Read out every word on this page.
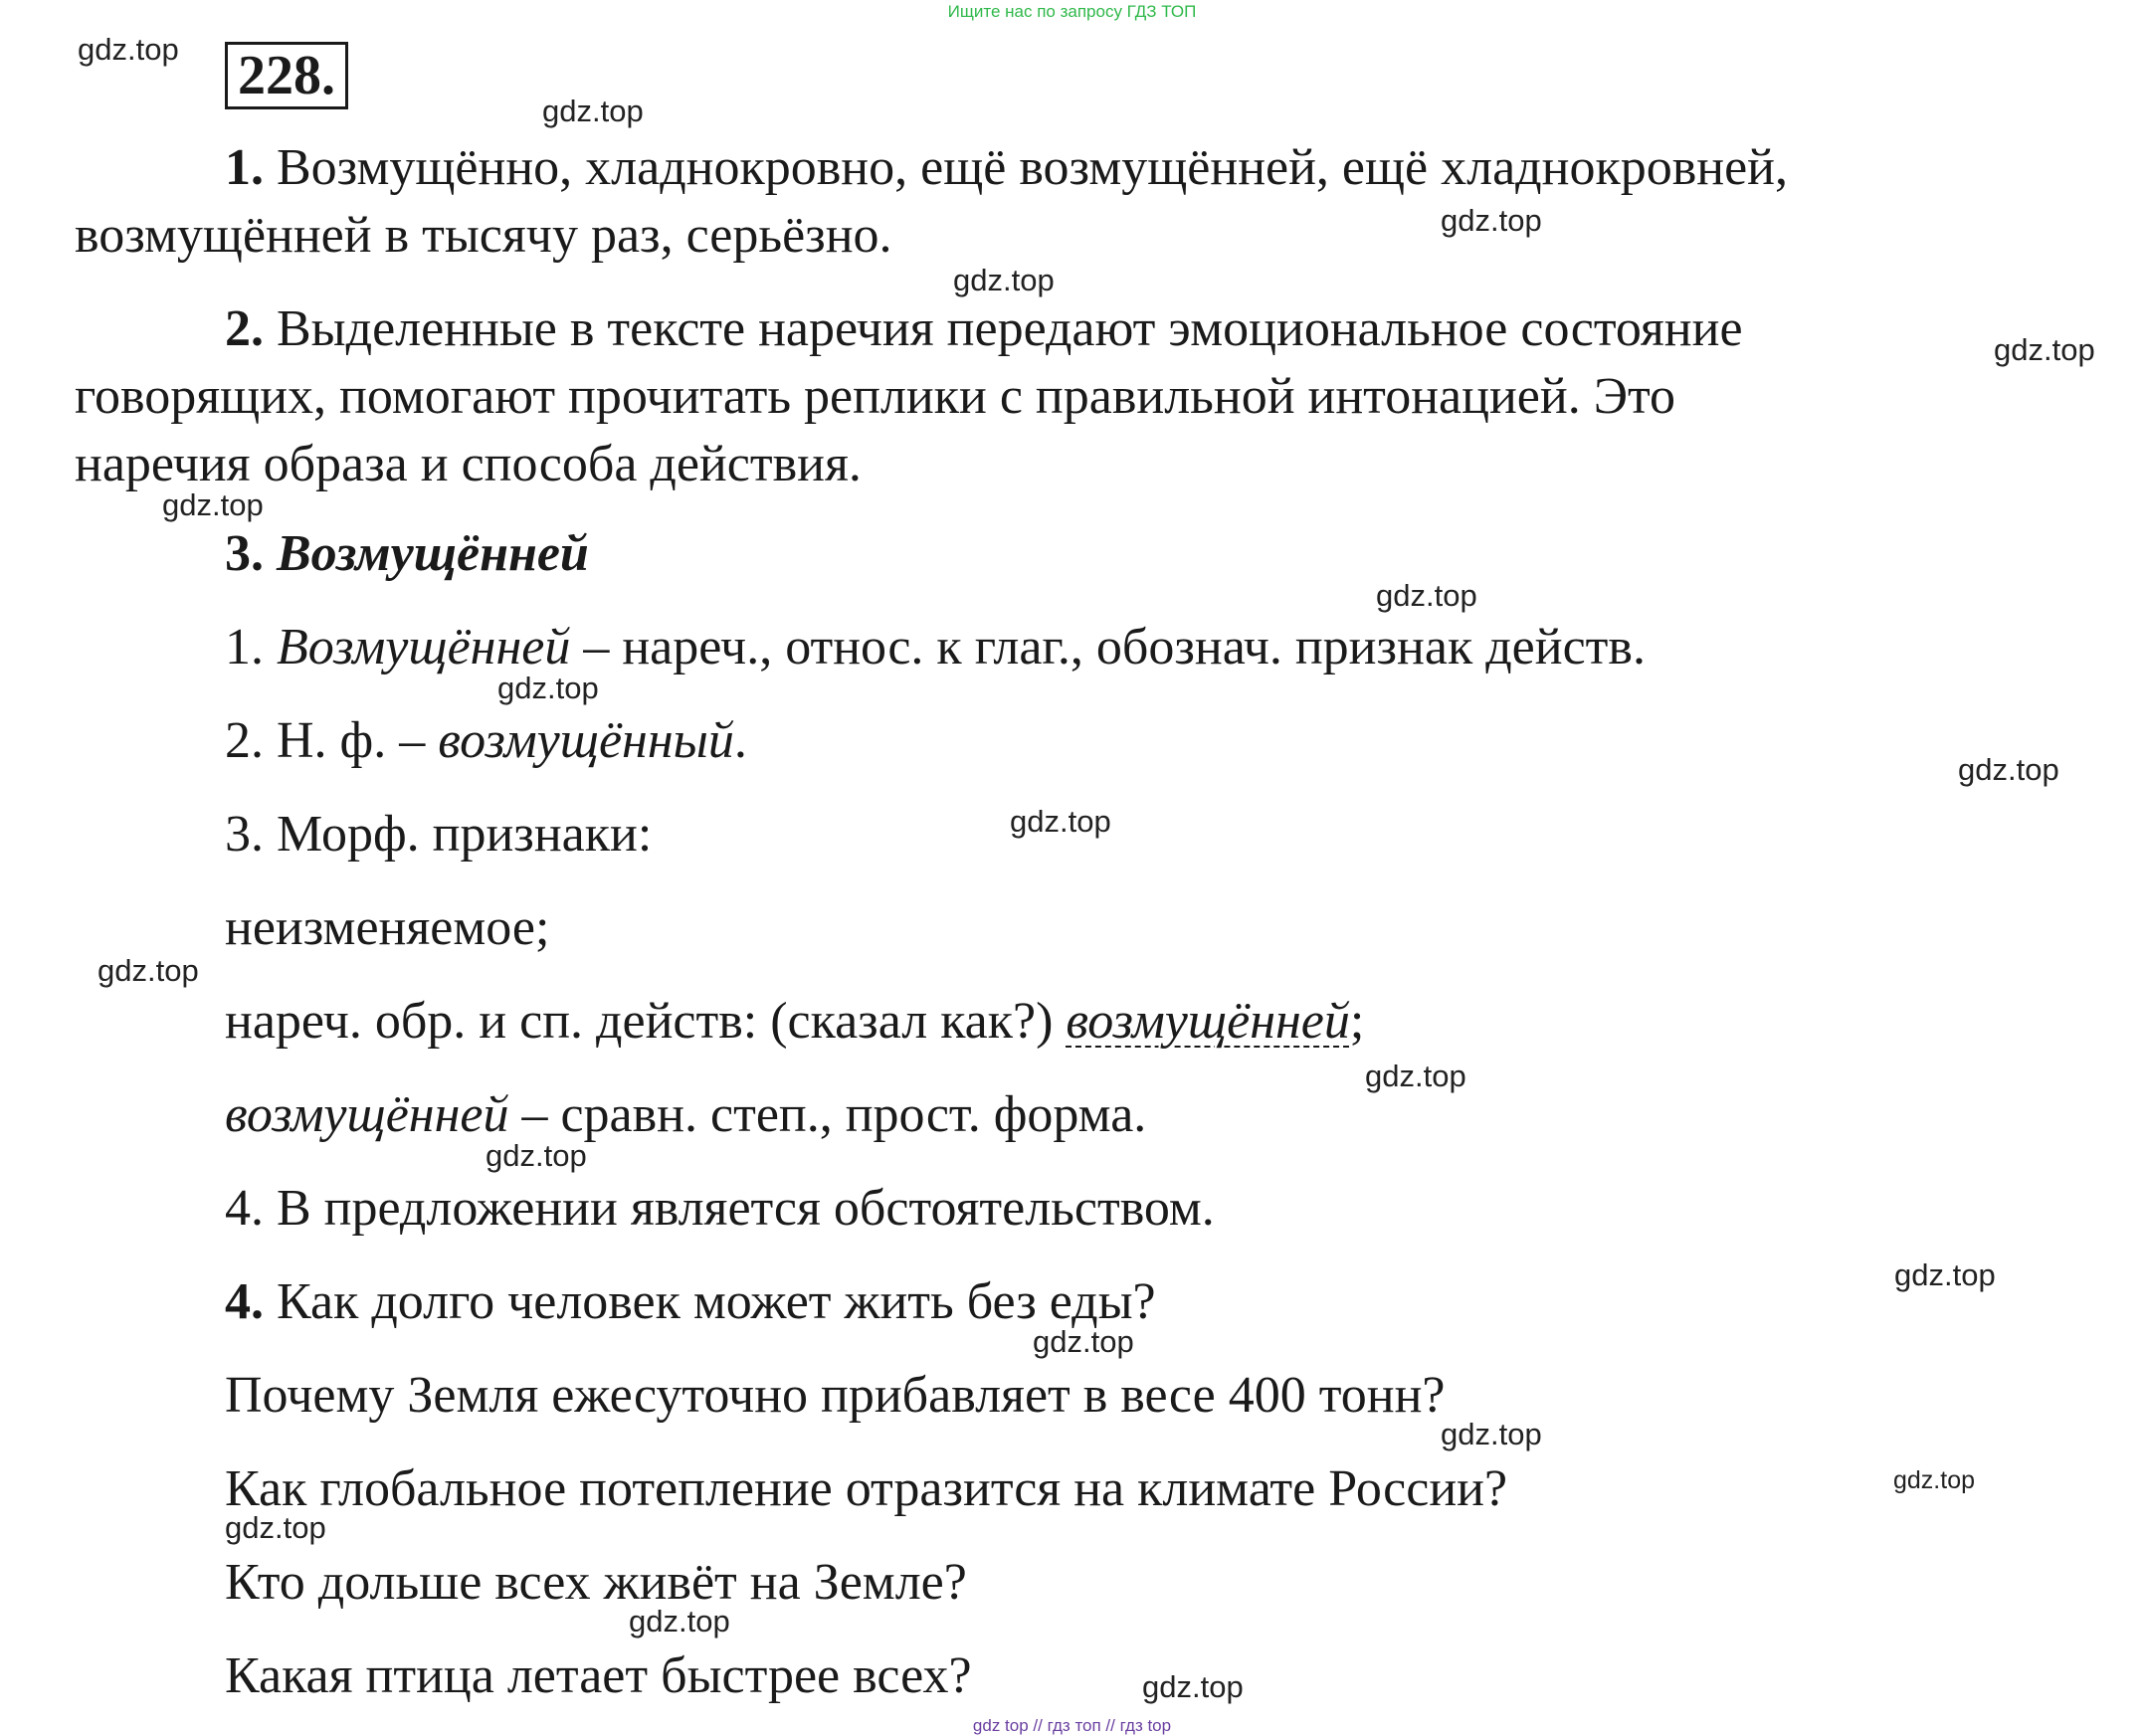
Ищите нас по запросу ГДЗ ТОП
228.
1. Возмущённо, хладнокровно, ещё возмущённей, ещё хладнокровней,
возмущённей в тысячу раз, серьёзно.
2. Выделенные в тексте наречия передают эмоциональное состояние
говорящих, помогают прочитать реплики с правильной интонацией. Это
наречия образа и способа действия.
3. Возмущённей
1. Возмущённей – нареч., относ. к глаг., обознач. признак действ.
2. Н. ф. – возмущённый.
3. Морф. признаки:
неизменяемое;
нареч. обр. и сп. действ: (сказал как?) возмущённей;
возмущённей – сравн. степ., прост. форма.
4. В предложении является обстоятельством.
4. Как долго человек может жить без еды?
Почему Земля ежесуточно прибавляет в весе 400 тонн?
Как глобальное потепление отразится на климате России?
Кто дольше всех живёт на Земле?
Какая птица летает быстрее всех?
gdz.top
gdz.top
gdz.top
gdz.top
gdz.top
gdz.top
gdz.top
gdz.top
gdz.top
gdz.top
gdz.top
gdz.top
gdz.top
gdz.top
gdz.top
gdz.top
gdz.top
gdz.top
gdz.top
gdz.top
gdz top // гдз топ // гдз top
